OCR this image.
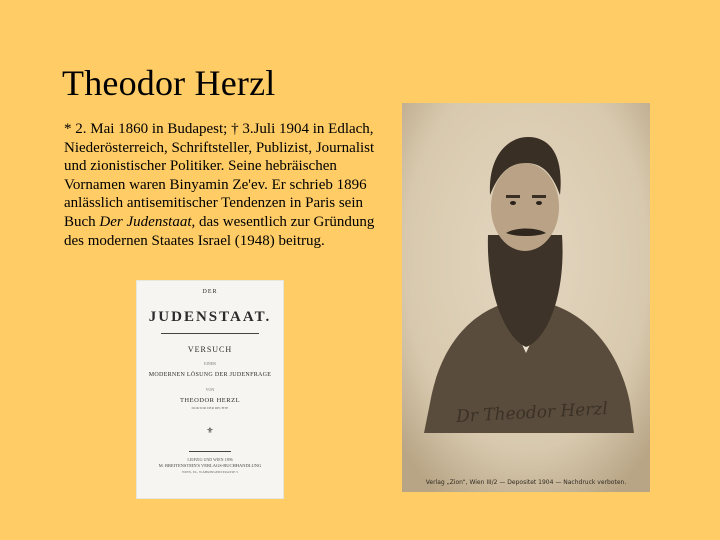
Theodor Herzl
* 2. Mai 1860 in Budapest; † 3.Juli 1904 in Edlach, Niederösterreich, Schriftsteller, Publizist, Journalist und zionistischer Politiker. Seine hebräischen Vornamen waren Binyamin Ze'ev. Er schrieb 1896 anlässlich antisemitischer Tendenzen in Paris sein Buch Der Judenstaat, das wesentlich zur Gründung des modernen Staates Israel (1948) beitrug.
DER
JUDENSTAAT.
VERSUCH
EINER
MODERNEN LÖSUNG DER JUDENFRAGE
VON
THEODOR HERZL
DOKTOR DER RECHTE
⚜
LEIPZIG UND WIEN 1896
M. BREITENSTEIN'S VERLAGS-BUCHHANDLUNG
WIEN, IX., WÄHRINGERSTRASSE 5
Dr Theodor Herzl
Verlag „Zion“, Wien III/2 — Depositet 1904 — Nachdruck verboten.
